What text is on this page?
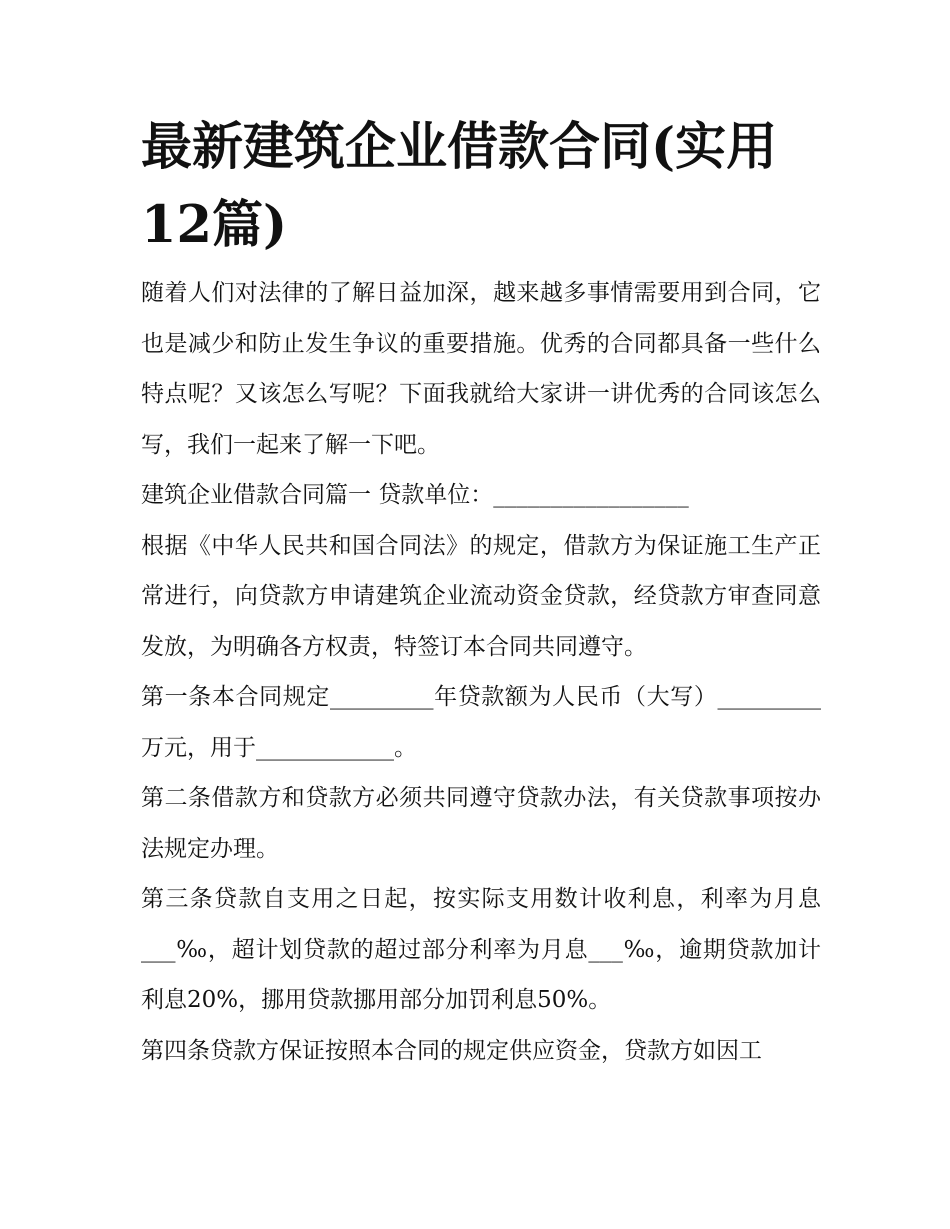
最新建筑企业借款合同(实用12篇)

随着人们对法律的了解日益加深，越来越多事情需要用到合同，它也是减少和防止发生争议的重要措施。优秀的合同都具备一些什么特点呢？又该怎么写呢？下面我就给大家讲一讲优秀的合同该怎么写，我们一起来了解一下吧。

建筑企业借款合同篇一 贷款单位：_________________

根据《中华人民共和国合同法》的规定，借款方为保证施工生产正常进行，向贷款方申请建筑企业流动资金贷款，经贷款方审查同意发放，为明确各方权责，特签订本合同共同遵守。

第一条本合同规定_________年贷款额为人民币（大写）_________万元，用于____________。

第二条借款方和贷款方必须共同遵守贷款办法，有关贷款事项按办法规定办理。

第三条贷款自支用之日起，按实际支用数计收利息，利率为月息___‰，超计划贷款的超过部分利率为月息___‰，逾期贷款加计利息20%，挪用贷款挪用部分加罚利息50%。

第四条贷款方保证按照本合同的规定供应资金，贷款方如因工
